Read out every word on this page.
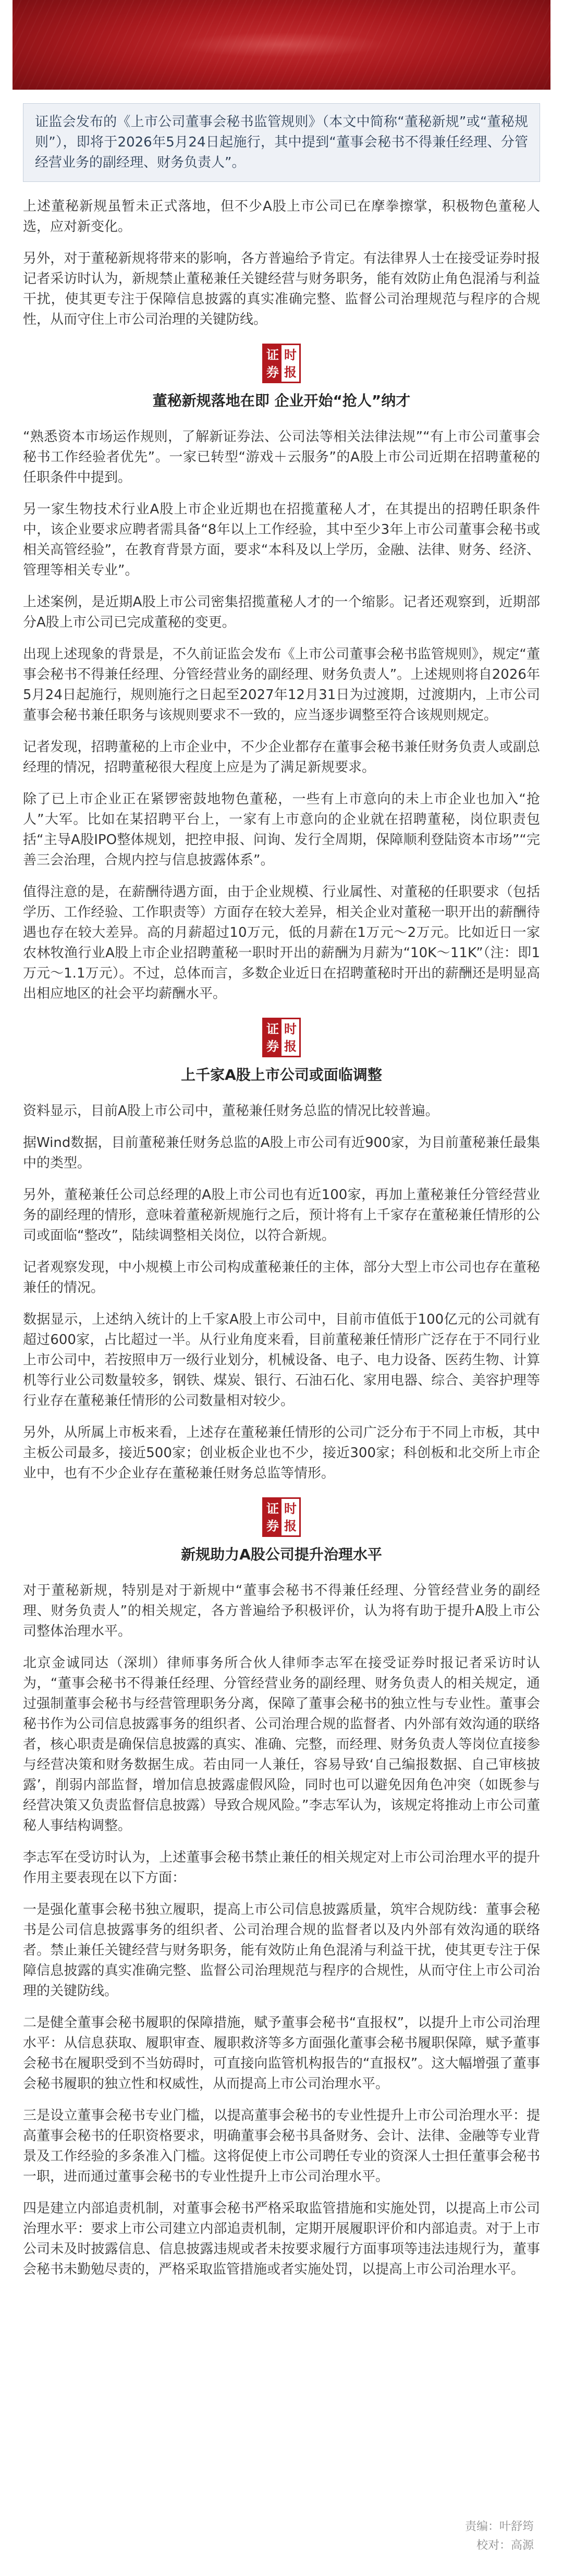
证监会发布的《上市公司董事会秘书监管规则》（本文中简称“董秘新规”或“董秘规则”），即将于2026年5月24日起施行，其中提到“董事会秘书不得兼任经理、分管经营业务的副经理、财务负责人”。

上述董秘新规虽暂未正式落地，但不少A股上市公司已在摩拳擦掌，积极物色董秘人选，应对新变化。

另外，对于董秘新规将带来的影响，各方普遍给予肯定。有法律界人士在接受证券时报记者采访时认为，新规禁止董秘兼任关键经营与财务职务，能有效防止角色混淆与利益干扰，使其更专注于保障信息披露的真实准确完整、监督公司治理规范与程序的合规性，从而守住上市公司治理的关键防线。

证券
时报
董秘新规落地在即 企业开始“抢人”纳才

“熟悉资本市场运作规则，了解新证券法、公司法等相关法律法规”“有上市公司董事会秘书工作经验者优先”。一家已转型“游戏＋云服务”的A股上市公司近期在招聘董秘的任职条件中提到。

另一家生物技术行业A股上市企业近期也在招揽董秘人才，在其提出的招聘任职条件中，该企业要求应聘者需具备“8年以上工作经验，其中至少3年上市公司董事会秘书或相关高管经验”，在教育背景方面，要求“本科及以上学历，金融、法律、财务、经济、管理等相关专业”。

上述案例，是近期A股上市公司密集招揽董秘人才的一个缩影。记者还观察到，近期部分A股上市公司已完成董秘的变更。

出现上述现象的背景是，不久前证监会发布《上市公司董事会秘书监管规则》，规定“董事会秘书不得兼任经理、分管经营业务的副经理、财务负责人”。上述规则将自2026年5月24日起施行，规则施行之日起至2027年12月31日为过渡期，过渡期内，上市公司董事会秘书兼任职务与该规则要求不一致的，应当逐步调整至符合该规则规定。

记者发现，招聘董秘的上市企业中，不少企业都存在董事会秘书兼任财务负责人或副总经理的情况，招聘董秘很大程度上应是为了满足新规要求。

除了已上市企业正在紧锣密鼓地物色董秘，一些有上市意向的未上市企业也加入“抢人”大军。比如在某招聘平台上，一家有上市意向的企业就在招聘董秘，岗位职责包括“主导A股IPO整体规划，把控申报、问询、发行全周期，保障顺利登陆资本市场”“完善三会治理，合规内控与信息披露体系”。

值得注意的是，在薪酬待遇方面，由于企业规模、行业属性、对董秘的任职要求（包括学历、工作经验、工作职责等）方面存在较大差异，相关企业对董秘一职开出的薪酬待遇也存在较大差异。高的月薪超过10万元，低的月薪在1万元～2万元。比如近日一家农林牧渔行业A股上市企业招聘董秘一职时开出的薪酬为月薪为“10K～11K”（注：即1万元～1.1万元）。不过，总体而言，多数企业近日在招聘董秘时开出的薪酬还是明显高出相应地区的社会平均薪酬水平。

证券
时报
上千家A股上市公司或面临调整

资料显示，目前A股上市公司中，董秘兼任财务总监的情况比较普遍。

据Wind数据，目前董秘兼任财务总监的A股上市公司有近900家，为目前董秘兼任最集中的类型。

另外，董秘兼任公司总经理的A股上市公司也有近100家，再加上董秘兼任分管经营业务的副经理的情形，意味着董秘新规施行之后，预计将有上千家存在董秘兼任情形的公司或面临“整改”，陆续调整相关岗位，以符合新规。

记者观察发现，中小规模上市公司构成董秘兼任的主体，部分大型上市公司也存在董秘兼任的情况。

数据显示，上述纳入统计的上千家A股上市公司中，目前市值低于100亿元的公司就有超过600家，占比超过一半。从行业角度来看，目前董秘兼任情形广泛存在于不同行业上市公司中，若按照申万一级行业划分，机械设备、电子、电力设备、医药生物、计算机等行业公司数量较多，钢铁、煤炭、银行、石油石化、家用电器、综合、美容护理等行业存在董秘兼任情形的公司数量相对较少。

另外，从所属上市板来看，上述存在董秘兼任情形的公司广泛分布于不同上市板，其中主板公司最多，接近500家；创业板企业也不少，接近300家；科创板和北交所上市企业中，也有不少企业存在董秘兼任财务总监等情形。

证券
时报
新规助力A股公司提升治理水平

对于董秘新规，特别是对于新规中“董事会秘书不得兼任经理、分管经营业务的副经理、财务负责人”的相关规定，各方普遍给予积极评价，认为将有助于提升A股上市公司整体治理水平。

北京金诚同达（深圳）律师事务所合伙人律师李志军在接受证券时报记者采访时认为，“董事会秘书不得兼任经理、分管经营业务的副经理、财务负责人的相关规定，通过强制董事会秘书与经营管理职务分离，保障了董事会秘书的独立性与专业性。董事会秘书作为公司信息披露事务的组织者、公司治理合规的监督者、内外部有效沟通的联络者，核心职责是确保信息披露的真实、准确、完整，而经理、财务负责人等岗位直接参与经营决策和财务数据生成。若由同一人兼任，容易导致‘自己编报数据、自己审核披露’，削弱内部监督，增加信息披露虚假风险，同时也可以避免因角色冲突（如既参与经营决策又负责监督信息披露）导致合规风险。”李志军认为，该规定将推动上市公司董秘人事结构调整。

李志军在受访时认为，上述董事会秘书禁止兼任的相关规定对上市公司治理水平的提升作用主要表现在以下方面：

一是强化董事会秘书独立履职，提高上市公司信息披露质量，筑牢合规防线：董事会秘书是公司信息披露事务的组织者、公司治理合规的监督者以及内外部有效沟通的联络者。禁止兼任关键经营与财务职务，能有效防止角色混淆与利益干扰，使其更专注于保障信息披露的真实准确完整、监督公司治理规范与程序的合规性，从而守住上市公司治理的关键防线。

二是健全董事会秘书履职的保障措施，赋予董事会秘书“直报权”，以提升上市公司治理水平：从信息获取、履职审查、履职救济等多方面强化董事会秘书履职保障，赋予董事会秘书在履职受到不当妨碍时，可直接向监管机构报告的“直报权”。这大幅增强了董事会秘书履职的独立性和权威性，从而提高上市公司治理水平。

三是设立董事会秘书专业门槛，以提高董事会秘书的专业性提升上市公司治理水平：提高董事会秘书的任职资格要求，明确董事会秘书具备财务、会计、法律、金融等专业背景及工作经验的多条准入门槛。这将促使上市公司聘任专业的资深人士担任董事会秘书一职，进而通过董事会秘书的专业性提升上市公司治理水平。

四是建立内部追责机制，对董事会秘书严格采取监管措施和实施处罚，以提高上市公司治理水平：要求上市公司建立内部追责机制，定期开展履职评价和内部追责。对于上市公司未及时披露信息、信息披露违规或者未按要求履行方面事项等违法违规行为，董事会秘书未勤勉尽责的，严格采取监管措施或者实施处罚，以提高上市公司治理水平。

责编：叶舒筠
校对：高源
